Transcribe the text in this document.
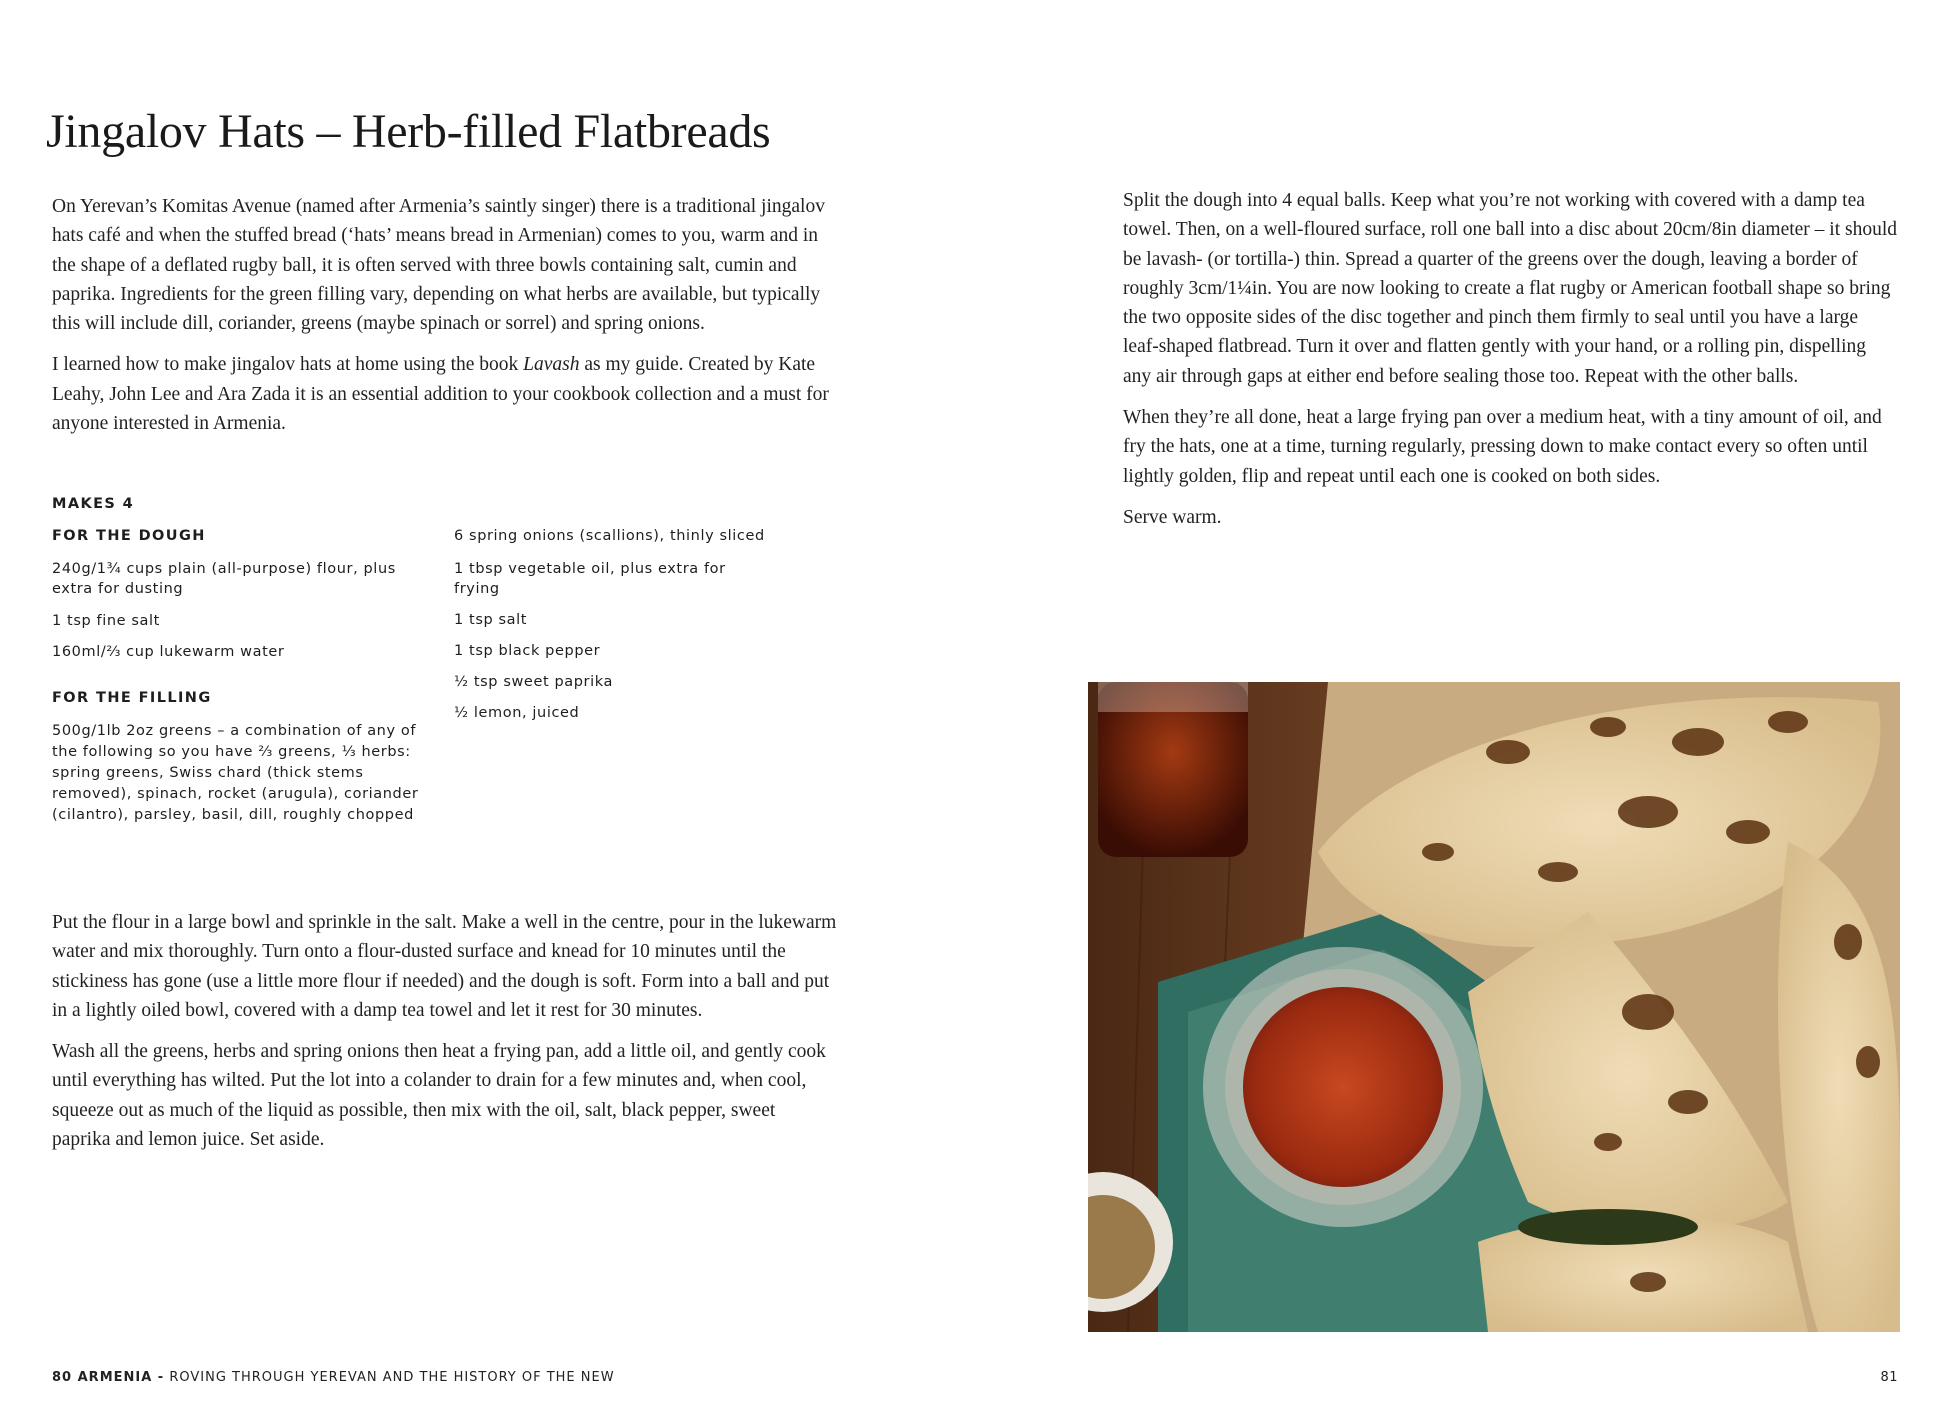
Jingalov Hats – Herb-filled Flatbreads

On Yerevan’s Komitas Avenue (named after Armenia’s saintly singer) there is a traditional jingalov hats café and when the stuffed bread (‘hats’ means bread in Armenian) comes to you, warm and in the shape of a deflated rugby ball, it is often served with three bowls containing salt, cumin and paprika. Ingredients for the green filling vary, depending on what herbs are available, but typically this will include dill, coriander, greens (maybe spinach or sorrel) and spring onions.

I learned how to make jingalov hats at home using the book Lavash as my guide. Created by Kate Leahy, John Lee and Ara Zada it is an essential addition to your cookbook collection and a must for anyone interested in Armenia.

MAKES 4
FOR THE DOUGH

240g/1¾ cups plain (all-purpose) flour, plus extra for dusting

1 tsp fine salt

160ml/⅔ cup lukewarm water

FOR THE FILLING

500g/1lb 2oz greens – a combination of any of the following so you have ⅔ greens, ⅓ herbs: spring greens, Swiss chard (thick stems removed), spinach, rocket (arugula), coriander (cilantro), parsley, basil, dill, roughly chopped

6 spring onions (scallions), thinly sliced

1 tbsp vegetable oil, plus extra for frying

1 tsp salt

1 tsp black pepper

½ tsp sweet paprika

½ lemon, juiced

Put the flour in a large bowl and sprinkle in the salt. Make a well in the centre, pour in the lukewarm water and mix thoroughly. Turn onto a flour-dusted surface and knead for 10 minutes until the stickiness has gone (use a little more flour if needed) and the dough is soft. Form into a ball and put in a lightly oiled bowl, covered with a damp tea towel and let it rest for 30 minutes.

Wash all the greens, herbs and spring onions then heat a frying pan, add a little oil, and gently cook until everything has wilted. Put the lot into a colander to drain for a few minutes and, when cool, squeeze out as much of the liquid as possible, then mix with the oil, salt, black pepper, sweet paprika and lemon juice. Set aside.

Split the dough into 4 equal balls. Keep what you’re not working with covered with a damp tea towel. Then, on a well-floured surface, roll one ball into a disc about 20cm/8in diameter – it should be lavash- (or tortilla-) thin. Spread a quarter of the greens over the dough, leaving a border of roughly 3cm/1¼in. You are now looking to create a flat rugby or American football shape so bring the two opposite sides of the disc together and pinch them firmly to seal until you have a large leaf-shaped flatbread. Turn it over and flatten gently with your hand, or a rolling pin, dispelling any air through gaps at either end before sealing those too. Repeat with the other balls.

When they’re all done, heat a large frying pan over a medium heat, with a tiny amount of oil, and fry the hats, one at a time, turning regularly, pressing down to make contact every so often until lightly golden, flip and repeat until each one is cooked on both sides.

Serve warm.

80 ARMENIA - ROVING THROUGH YEREVAN AND THE HISTORY OF THE NEW	81
